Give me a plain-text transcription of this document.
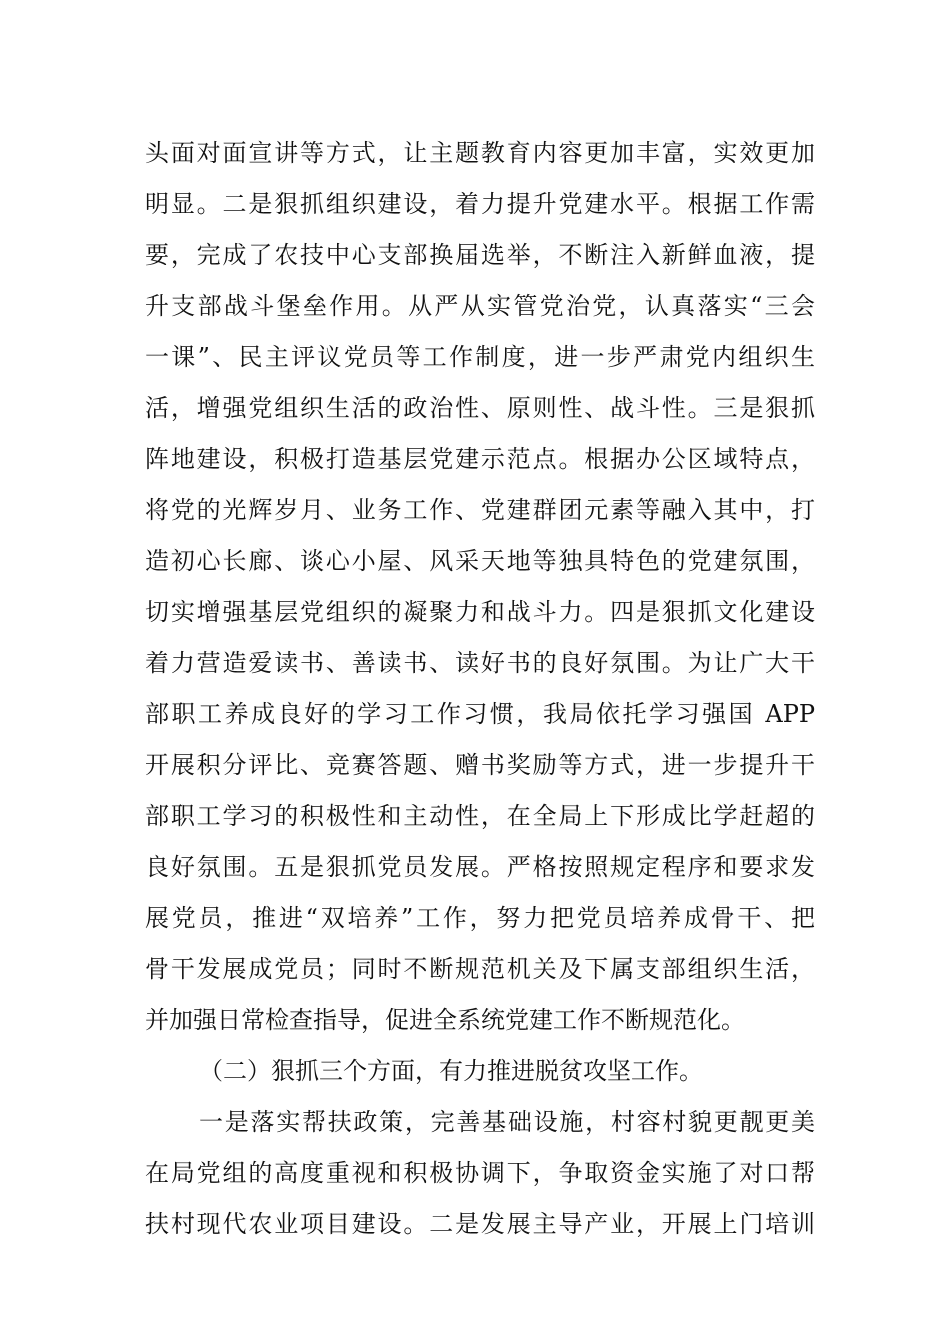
头面对面宣讲等方式，让主题教育内容更加丰富，实效更加
明显。二是狠抓组织建设，着力提升党建水平。根据工作需
要，完成了农技中心支部换届选举，不断注入新鲜血液，提
升支部战斗堡垒作用。从严从实管党治党，认真落实“三会
一课”、民主评议党员等工作制度，进一步严肃党内组织生
活，增强党组织生活的政治性、原则性、战斗性。三是狠抓
阵地建设，积极打造基层党建示范点。根据办公区域特点，
将党的光辉岁月、业务工作、党建群团元素等融入其中，打
造初心长廊、谈心小屋、风采天地等独具特色的党建氛围，
切实增强基层党组织的凝聚力和战斗力。四是狠抓文化建设
着力营造爱读书、善读书、读好书的良好氛围。为让广大干
部职工养成良好的学习工作习惯，我局依托学习强国 APP
开展积分评比、竞赛答题、赠书奖励等方式，进一步提升干
部职工学习的积极性和主动性，在全局上下形成比学赶超的
良好氛围。五是狠抓党员发展。严格按照规定程序和要求发
展党员，推进“双培养”工作，努力把党员培养成骨干、把
骨干发展成党员；同时不断规范机关及下属支部组织生活，
并加强日常检查指导，促进全系统党建工作不断规范化。
（二）狠抓三个方面，有力推进脱贫攻坚工作。
一是落实帮扶政策，完善基础设施，村容村貌更靓更美
在局党组的高度重视和积极协调下，争取资金实施了对口帮
扶村现代农业项目建设。二是发展主导产业，开展上门培训
